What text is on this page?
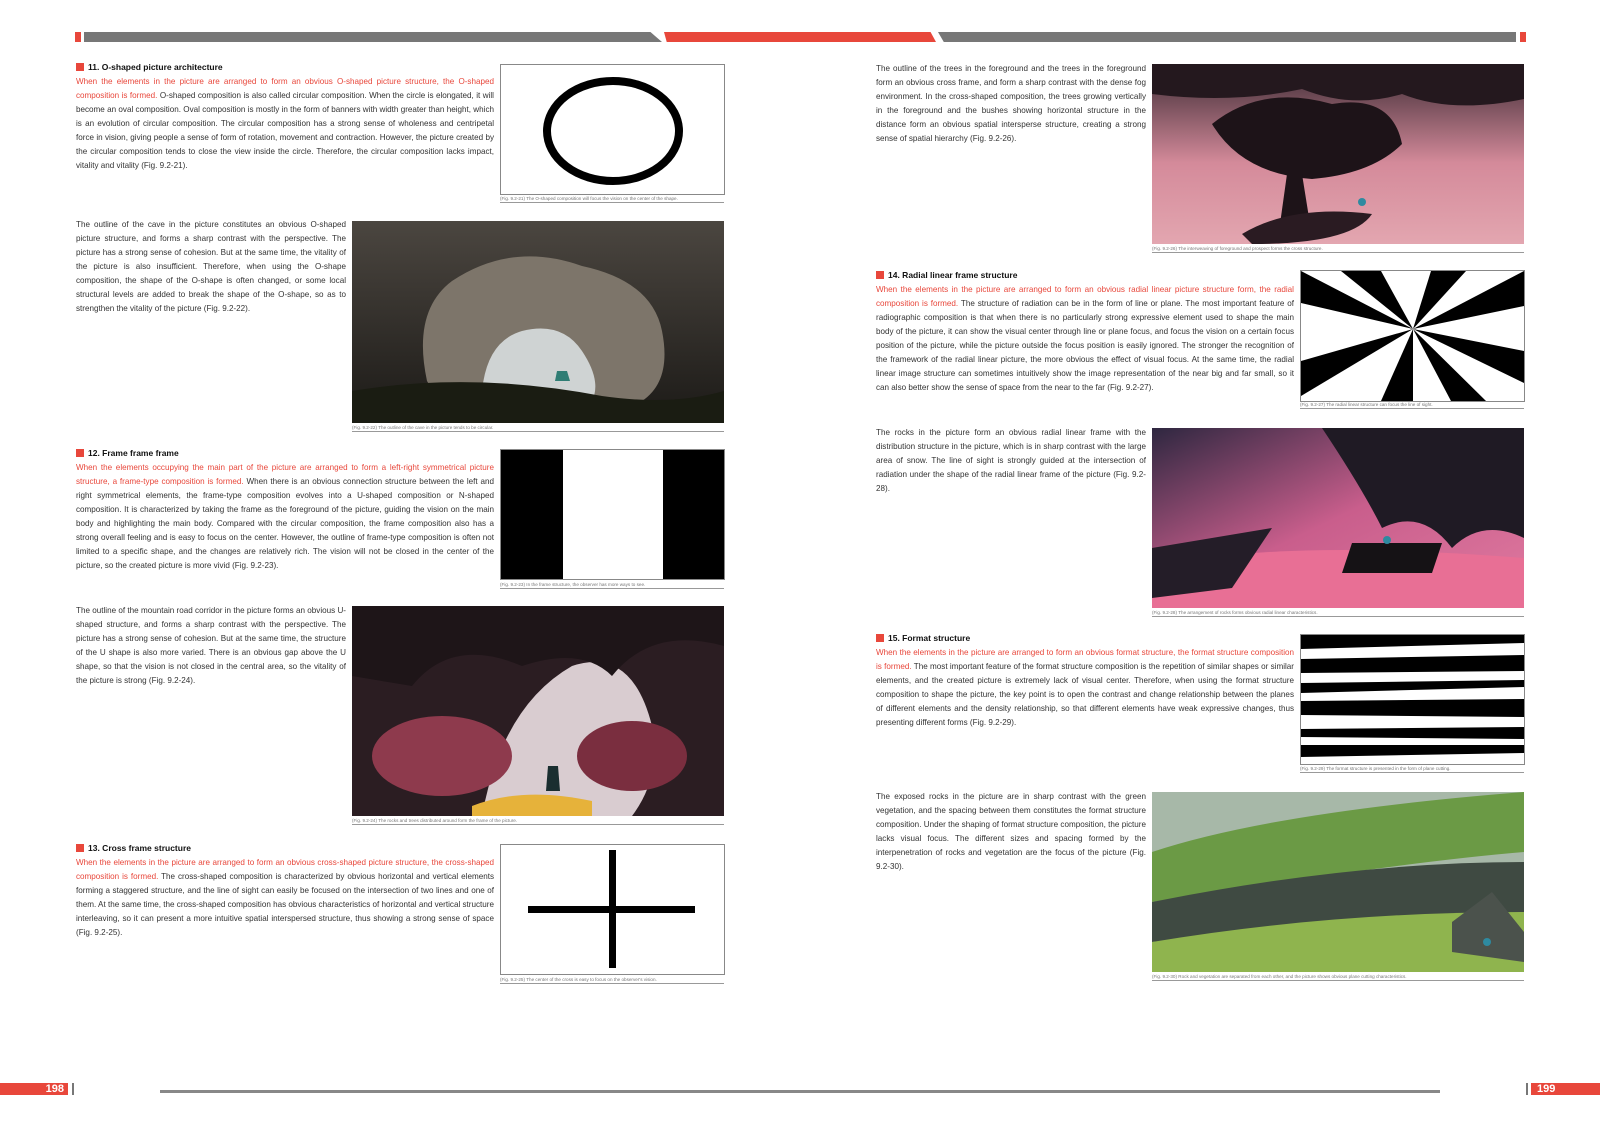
11. O-shaped picture architecture
When the elements in the picture are arranged to form an obvious O-shaped picture structure, the O-shaped composition is formed. O-shaped composition is also called circular composition. When the circle is elongated, it will become an oval composition. Oval composition is mostly in the form of banners with width greater than height, which is an evolution of circular composition. The circular composition has a strong sense of wholeness and centripetal force in vision, giving people a sense of form of rotation, movement and contraction. However, the picture created by the circular composition tends to close the view inside the circle. Therefore, the circular composition lacks impact, vitality and vitality (Fig. 9.2-21).
(Fig. 9.2-21) The O-shaped composition will focus the vision on the center of the shape.
The outline of the cave in the picture constitutes an obvious O-shaped picture structure, and forms a sharp contrast with the perspective. The picture has a strong sense of cohesion. But at the same time, the vitality of the picture is also insufficient. Therefore, when using the O-shape composition, the shape of the O-shape is often changed, or some local structural levels are added to break the shape of the O-shape, so as to strengthen the vitality of the picture (Fig. 9.2-22).
(Fig. 9.2-22) The outline of the cave in the picture tends to be circular.
12. Frame frame frame
When the elements occupying the main part of the picture are arranged to form a left-right symmetrical picture structure, a frame-type composition is formed. When there is an obvious connection structure between the left and right symmetrical elements, the frame-type composition evolves into a U-shaped composition or N-shaped composition. It is characterized by taking the frame as the foreground of the picture, guiding the vision on the main body and highlighting the main body. Compared with the circular composition, the frame composition also has a strong overall feeling and is easy to focus on the center. However, the outline of frame-type composition is often not limited to a specific shape, and the changes are relatively rich. The vision will not be closed in the center of the picture, so the created picture is more vivid (Fig. 9.2-23).
(Fig. 9.2-23) In the frame structure, the observer has more ways to see.
The outline of the mountain road corridor in the picture forms an obvious U-shaped structure, and forms a sharp contrast with the perspective. The picture has a strong sense of cohesion. But at the same time, the structure of the U shape is also more varied. There is an obvious gap above the U shape, so that the vision is not closed in the central area, so the vitality of the picture is strong (Fig. 9.2-24).
(Fig. 9.2-24) The rocks and trees distributed around form the frame of the picture.
13. Cross frame structure
When the elements in the picture are arranged to form an obvious cross-shaped picture structure, the cross-shaped composition is formed. The cross-shaped composition is characterized by obvious horizontal and vertical elements forming a staggered structure, and the line of sight can easily be focused on the intersection of two lines and one of them. At the same time, the cross-shaped composition has obvious characteristics of horizontal and vertical structure interleaving, so it can present a more intuitive spatial interspersed structure, thus showing a strong sense of space (Fig. 9.2-25).
(Fig. 9.2-25) The center of the cross is easy to focus on the observer's vision.
The outline of the trees in the foreground and the trees in the foreground form an obvious cross frame, and form a sharp contrast with the dense fog environment. In the cross-shaped composition, the trees growing vertically in the foreground and the bushes showing horizontal structure in the distance form an obvious spatial intersperse structure, creating a strong sense of spatial hierarchy (Fig. 9.2-26).
(Fig. 9.2-26) The interweaving of foreground and prospect forms the cross structure.
14. Radial linear frame structure
When the elements in the picture are arranged to form an obvious radial linear picture structure form, the radial composition is formed. The structure of radiation can be in the form of line or plane. The most important feature of radiographic composition is that when there is no particularly strong expressive element used to shape the main body of the picture, it can show the visual center through line or plane focus, and focus the vision on a certain focus position of the picture, while the picture outside the focus position is easily ignored. The stronger the recognition of the framework of the radial linear picture, the more obvious the effect of visual focus. At the same time, the radial linear image structure can sometimes intuitively show the image representation of the near big and far small, so it can also better show the sense of space from the near to the far (Fig. 9.2-27).
(Fig. 9.2-27) The radial linear structure can focus the line of sight.
The rocks in the picture form an obvious radial linear frame with the distribution structure in the picture, which is in sharp contrast with the large area of snow. The line of sight is strongly guided at the intersection of radiation under the shape of the radial linear frame of the picture (Fig. 9.2-28).
(Fig. 9.2-28) The arrangement of rocks forms obvious radial linear characteristics.
15. Format structure
When the elements in the picture are arranged to form an obvious format structure, the format structure composition is formed. The most important feature of the format structure composition is the repetition of similar shapes or similar elements, and the created picture is extremely lack of visual center. Therefore, when using the format structure composition to shape the picture, the key point is to open the contrast and change relationship between the planes of different elements and the density relationship, so that different elements have weak expressive changes, thus presenting different forms (Fig. 9.2-29).
(Fig. 9.2-29) The format structure is presented in the form of plane cutting.
The exposed rocks in the picture are in sharp contrast with the green vegetation, and the spacing between them constitutes the format structure composition. Under the shaping of format structure composition, the picture lacks visual focus. The different sizes and spacing formed by the interpenetration of rocks and vegetation are the focus of the picture (Fig. 9.2-30).
(Fig. 9.2-30) Rock and vegetation are separated from each other, and the picture shows obvious plane cutting characteristics.
198	199
